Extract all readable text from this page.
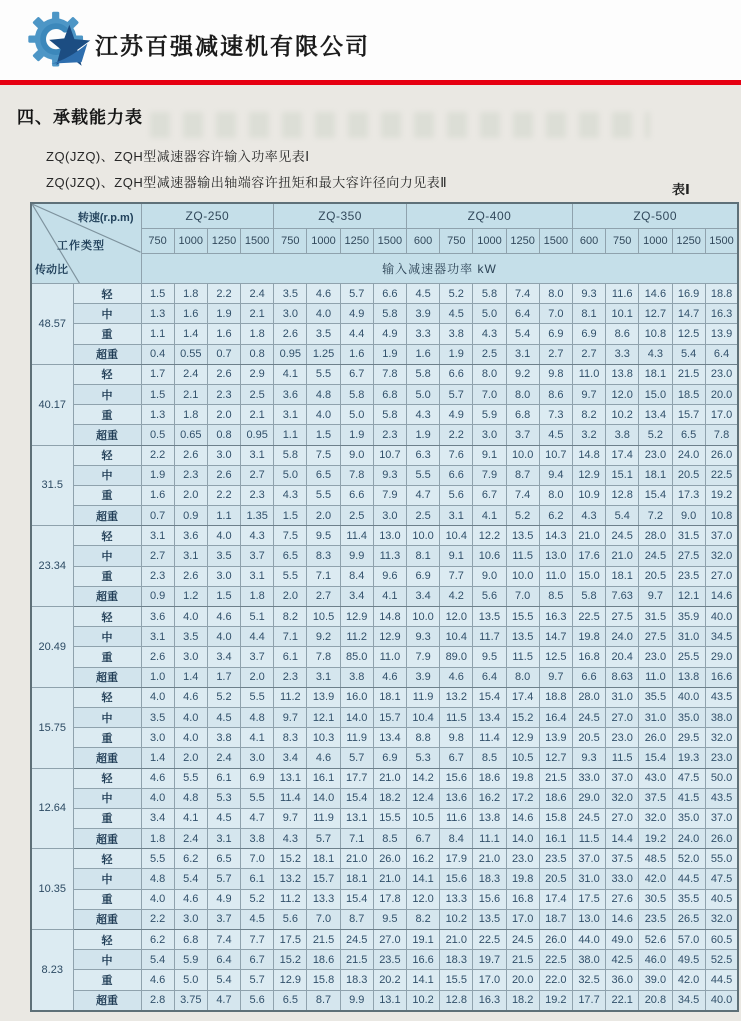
江苏百强减速机有限公司
四、承载能力表
ZQ(JZQ)、ZQH型减速器容许输入功率见表Ⅰ
ZQ(JZQ)、ZQH型减速器输出轴端容许扭矩和最大容许径向力见表Ⅱ	表Ⅰ
转速(r.p.m)
工作类型
传动比		ZQ-250				ZQ-350				ZQ-400					ZQ-500				
		750	1000	1250	1500	750	1000	1250	1500	600	750	1000	1250	1500	600	750	1000	1250	1500
		输入减速器功率 kW																	
48.57	轻	1.5	1.8	2.2	2.4	3.5	4.6	5.7	6.6	4.5	5.2	5.8	7.4	8.0	9.3	11.6	14.6	16.9	18.8
	中	1.3	1.6	1.9	2.1	3.0	4.0	4.9	5.8	3.9	4.5	5.0	6.4	7.0	8.1	10.1	12.7	14.7	16.3
	重	1.1	1.4	1.6	1.8	2.6	3.5	4.4	4.9	3.3	3.8	4.3	5.4	6.9	6.9	8.6	10.8	12.5	13.9
	超重	0.4	0.55	0.7	0.8	0.95	1.25	1.6	1.9	1.6	1.9	2.5	3.1	2.7	2.7	3.3	4.3	5.4	6.4
40.17	轻	1.7	2.4	2.6	2.9	4.1	5.5	6.7	7.8	5.8	6.6	8.0	9.2	9.8	11.0	13.8	18.1	21.5	23.0
	中	1.5	2.1	2.3	2.5	3.6	4.8	5.8	6.8	5.0	5.7	7.0	8.0	8.6	9.7	12.0	15.0	18.5	20.0
	重	1.3	1.8	2.0	2.1	3.1	4.0	5.0	5.8	4.3	4.9	5.9	6.8	7.3	8.2	10.2	13.4	15.7	17.0
	超重	0.5	0.65	0.8	0.95	1.1	1.5	1.9	2.3	1.9	2.2	3.0	3.7	4.5	3.2	3.8	5.2	6.5	7.8
31.5	轻	2.2	2.6	3.0	3.1	5.8	7.5	9.0	10.7	6.3	7.6	9.1	10.0	10.7	14.8	17.4	23.0	24.0	26.0
	中	1.9	2.3	2.6	2.7	5.0	6.5	7.8	9.3	5.5	6.6	7.9	8.7	9.4	12.9	15.1	18.1	20.5	22.5
	重	1.6	2.0	2.2	2.3	4.3	5.5	6.6	7.9	4.7	5.6	6.7	7.4	8.0	10.9	12.8	15.4	17.3	19.2
	超重	0.7	0.9	1.1	1.35	1.5	2.0	2.5	3.0	2.5	3.1	4.1	5.2	6.2	4.3	5.4	7.2	9.0	10.8
23.34	轻	3.1	3.6	4.0	4.3	7.5	9.5	11.4	13.0	10.0	10.4	12.2	13.5	14.3	21.0	24.5	28.0	31.5	37.0
	中	2.7	3.1	3.5	3.7	6.5	8.3	9.9	11.3	8.1	9.1	10.6	11.5	13.0	17.6	21.0	24.5	27.5	32.0
	重	2.3	2.6	3.0	3.1	5.5	7.1	8.4	9.6	6.9	7.7	9.0	10.0	11.0	15.0	18.1	20.5	23.5	27.0
	超重	0.9	1.2	1.5	1.8	2.0	2.7	3.4	4.1	3.4	4.2	5.6	7.0	8.5	5.8	7.63	9.7	12.1	14.6
20.49	轻	3.6	4.0	4.6	5.1	8.2	10.5	12.9	14.8	10.0	12.0	13.5	15.5	16.3	22.5	27.5	31.5	35.9	40.0
	中	3.1	3.5	4.0	4.4	7.1	9.2	11.2	12.9	9.3	10.4	11.7	13.5	14.7	19.8	24.0	27.5	31.0	34.5
	重	2.6	3.0	3.4	3.7	6.1	7.8	85.0	11.0	7.9	89.0	9.5	11.5	12.5	16.8	20.4	23.0	25.5	29.0
	超重	1.0	1.4	1.7	2.0	2.3	3.1	3.8	4.6	3.9	4.6	6.4	8.0	9.7	6.6	8.63	11.0	13.8	16.6
15.75	轻	4.0	4.6	5.2	5.5	11.2	13.9	16.0	18.1	11.9	13.2	15.4	17.4	18.8	28.0	31.0	35.5	40.0	43.5
	中	3.5	4.0	4.5	4.8	9.7	12.1	14.0	15.7	10.4	11.5	13.4	15.2	16.4	24.5	27.0	31.0	35.0	38.0
	重	3.0	4.0	3.8	4.1	8.3	10.3	11.9	13.4	8.8	9.8	11.4	12.9	13.9	20.5	23.0	26.0	29.5	32.0
	超重	1.4	2.0	2.4	3.0	3.4	4.6	5.7	6.9	5.3	6.7	8.5	10.5	12.7	9.3	11.5	15.4	19.3	23.0
12.64	轻	4.6	5.5	6.1	6.9	13.1	16.1	17.7	21.0	14.2	15.6	18.6	19.8	21.5	33.0	37.0	43.0	47.5	50.0
	中	4.0	4.8	5.3	5.5	11.4	14.0	15.4	18.2	12.4	13.6	16.2	17.2	18.6	29.0	32.0	37.5	41.5	43.5
	重	3.4	4.1	4.5	4.7	9.7	11.9	13.1	15.5	10.5	11.6	13.8	14.6	15.8	24.5	27.0	32.0	35.0	37.0
	超重	1.8	2.4	3.1	3.8	4.3	5.7	7.1	8.5	6.7	8.4	11.1	14.0	16.1	11.5	14.4	19.2	24.0	26.0
10.35	轻	5.5	6.2	6.5	7.0	15.2	18.1	21.0	26.0	16.2	17.9	21.0	23.0	23.5	37.0	37.5	48.5	52.0	55.0
	中	4.8	5.4	5.7	6.1	13.2	15.7	18.1	21.0	14.1	15.6	18.3	19.8	20.5	31.0	33.0	42.0	44.5	47.5
	重	4.0	4.6	4.9	5.2	11.2	13.3	15.4	17.8	12.0	13.3	15.6	16.8	17.4	17.5	27.6	30.5	35.5	40.5
	超重	2.2	3.0	3.7	4.5	5.6	7.0	8.7	9.5	8.2	10.2	13.5	17.0	18.7	13.0	14.6	23.5	26.5	32.0
8.23	轻	6.2	6.8	7.4	7.7	17.5	21.5	24.5	27.0	19.1	21.0	22.5	24.5	26.0	44.0	49.0	52.6	57.0	60.5
	中	5.4	5.9	6.4	6.7	15.2	18.6	21.5	23.5	16.6	18.3	19.7	21.5	22.5	38.0	42.5	46.0	49.5	52.5
	重	4.6	5.0	5.4	5.7	12.9	15.8	18.3	20.2	14.1	15.5	17.0	20.0	22.0	32.5	36.0	39.0	42.0	44.5
	超重	2.8	3.75	4.7	5.6	6.5	8.7	9.9	13.1	10.2	12.8	16.3	18.2	19.2	17.7	22.1	20.8	34.5	40.0
